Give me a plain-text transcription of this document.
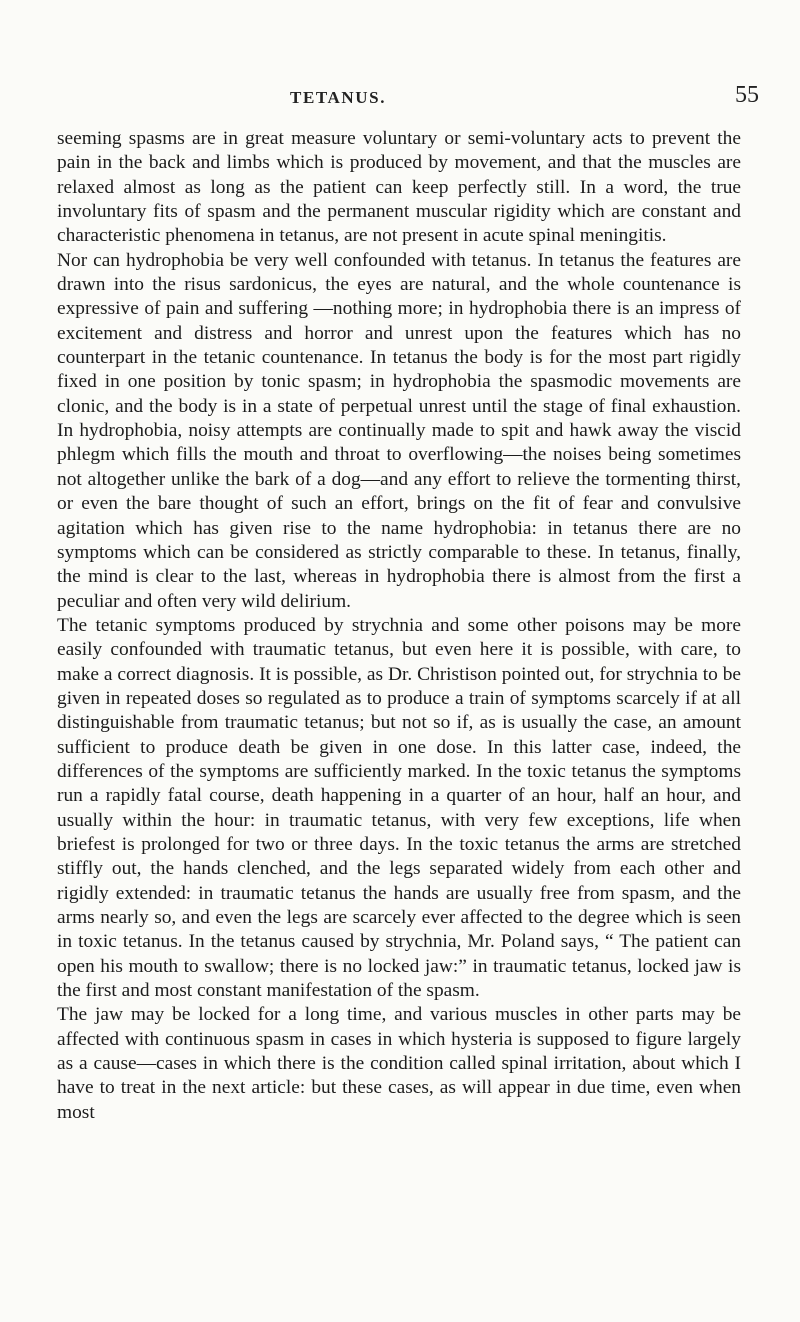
TETANUS.	55

seeming spasms are in great measure voluntary or semi-voluntary acts to prevent the pain in the back and limbs which is produced by movement, and that the muscles are relaxed almost as long as the patient can keep perfectly still. In a word, the true involuntary fits of spasm and the permanent muscular rigidity which are constant and characteristic phenomena in tetanus, are not present in acute spinal meningitis.

Nor can hydrophobia be very well confounded with tetanus. In tetanus the features are drawn into the risus sardonicus, the eyes are natural, and the whole countenance is expressive of pain and suffering —nothing more; in hydrophobia there is an impress of excitement and distress and horror and unrest upon the features which has no counterpart in the tetanic countenance. In tetanus the body is for the most part rigidly fixed in one position by tonic spasm; in hydrophobia the spasmodic movements are clonic, and the body is in a state of perpetual unrest until the stage of final exhaustion. In hydrophobia, noisy attempts are continually made to spit and hawk away the viscid phlegm which fills the mouth and throat to overflowing—the noises being sometimes not altogether unlike the bark of a dog—and any effort to relieve the tormenting thirst, or even the bare thought of such an effort, brings on the fit of fear and convulsive agitation which has given rise to the name hydrophobia: in tetanus there are no symptoms which can be considered as strictly comparable to these. In tetanus, finally, the mind is clear to the last, whereas in hydrophobia there is almost from the first a peculiar and often very wild delirium.

The tetanic symptoms produced by strychnia and some other poisons may be more easily confounded with traumatic tetanus, but even here it is possible, with care, to make a correct diagnosis. It is possible, as Dr. Christison pointed out, for strychnia to be given in repeated doses so regulated as to produce a train of symptoms scarcely if at all distinguishable from traumatic tetanus; but not so if, as is usually the case, an amount sufficient to produce death be given in one dose. In this latter case, indeed, the differences of the symptoms are sufficiently marked. In the toxic tetanus the symptoms run a rapidly fatal course, death happening in a quarter of an hour, half an hour, and usually within the hour: in traumatic tetanus, with very few exceptions, life when briefest is prolonged for two or three days. In the toxic tetanus the arms are stretched stiffly out, the hands clenched, and the legs separated widely from each other and rigidly extended: in traumatic tetanus the hands are usually free from spasm, and the arms nearly so, and even the legs are scarcely ever affected to the degree which is seen in toxic tetanus. In the tetanus caused by strychnia, Mr. Poland says, “ The patient can open his mouth to swallow; there is no locked jaw:” in traumatic tetanus, locked jaw is the first and most constant manifestation of the spasm.

The jaw may be locked for a long time, and various muscles in other parts may be affected with continuous spasm in cases in which hysteria is supposed to figure largely as a cause—cases in which there is the condition called spinal irritation, about which I have to treat in the next article: but these cases, as will appear in due time, even when most
